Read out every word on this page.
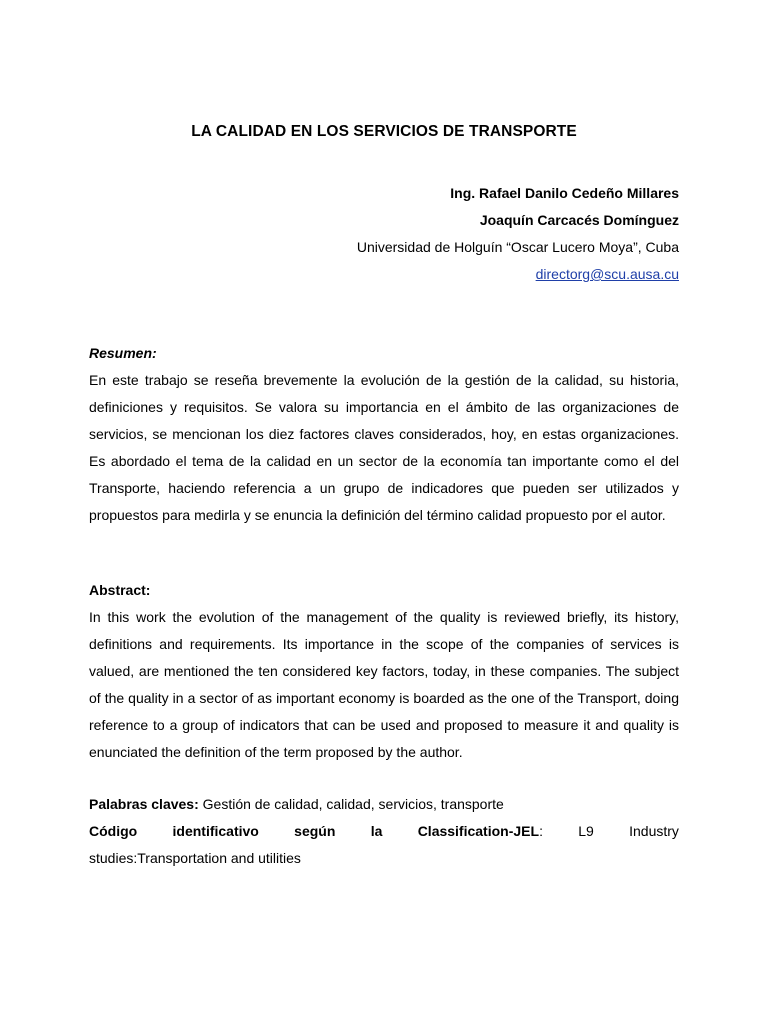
LA CALIDAD EN LOS SERVICIOS DE TRANSPORTE
Ing. Rafael Danilo Cedeño Millares
Joaquín Carcacés Domínguez
Universidad de Holguín “Oscar Lucero Moya”, Cuba
directorg@scu.ausa.cu

Resumen:

En este trabajo se reseña brevemente la evolución de la gestión de la calidad, su historia, definiciones y requisitos. Se valora su importancia en el ámbito de las organizaciones de servicios, se mencionan los diez factores claves considerados, hoy, en estas organizaciones. Es abordado el tema de la calidad en un sector de la economía tan importante como el del Transporte, haciendo referencia a un grupo de indicadores que pueden ser utilizados y propuestos para medirla y se enuncia la definición del término calidad propuesto por el autor.

Abstract:

In this work the evolution of the management of the quality is reviewed briefly, its history, definitions and requirements. Its importance in the scope of the companies of services is valued, are mentioned the ten considered key factors, today, in these companies. The subject of the quality in a sector of as important economy is boarded as the one of the Transport, doing reference to a group of indicators that can be used and proposed to measure it and quality is enunciated the definition of the term proposed by the author.

Palabras claves: Gestión de calidad, calidad, servicios, transporte
Código	identificativo	según	la	Classification-JEL:	L9	Industry
studies:Transportation and utilities
